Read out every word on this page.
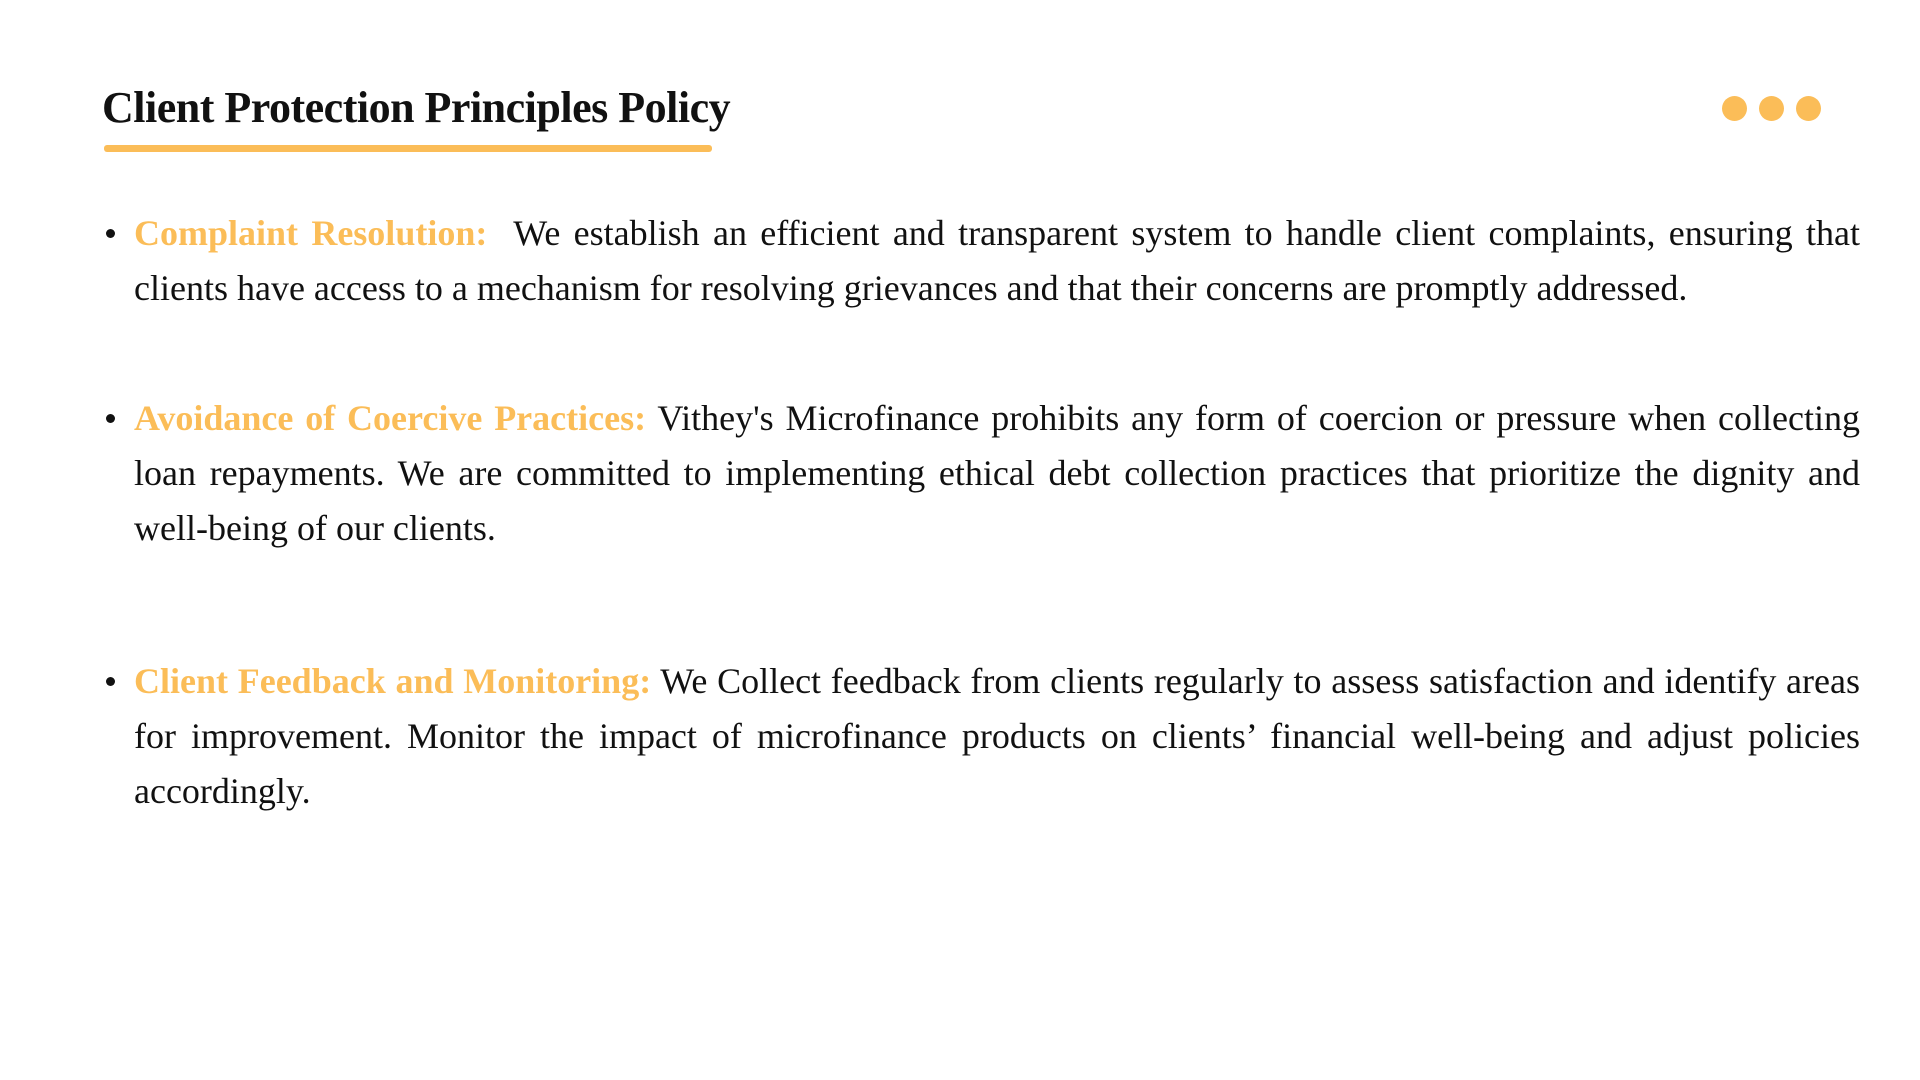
Client Protection Principles Policy
Complaint Resolution:  We establish an efficient and transparent system to handle client complaints, ensuring that clients have access to a mechanism for resolving grievances and that their concerns are promptly addressed.
Avoidance of Coercive Practices: Vithey's Microfinance prohibits any form of coercion or pressure when collecting loan repayments. We are committed to implementing ethical debt collection practices that prioritize the dignity and well-being of our clients.
Client Feedback and Monitoring: We Collect feedback from clients regularly to assess satisfaction and identify areas for improvement. Monitor the impact of microfinance products on clients’ financial well-being and adjust policies accordingly.
